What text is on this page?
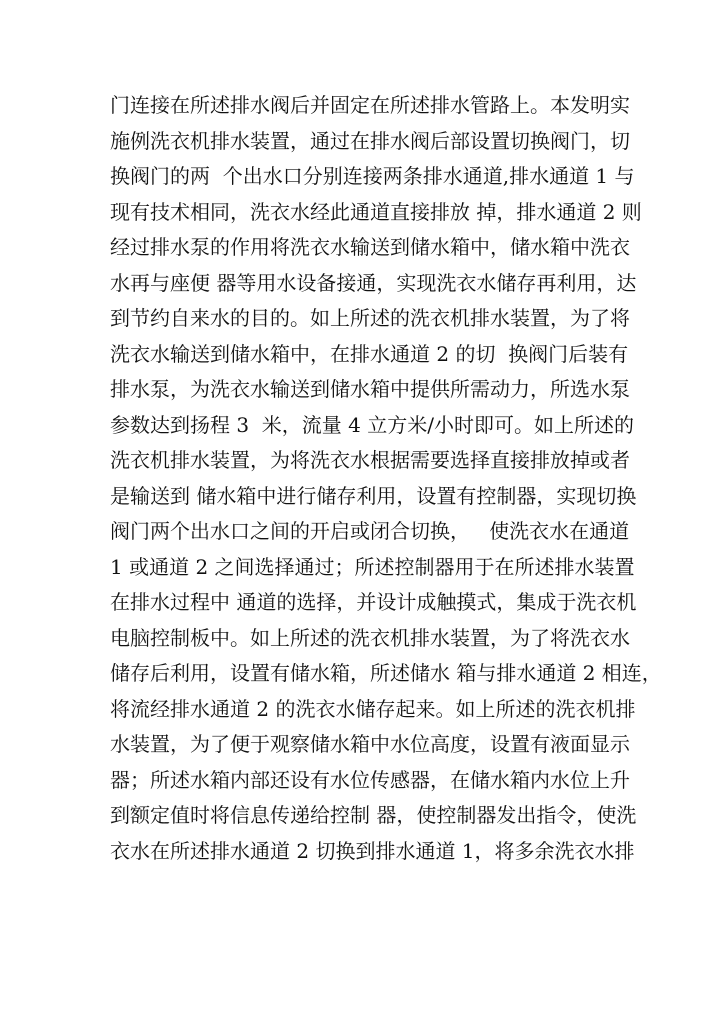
门连接在所述排水阀后并固定在所述排水管路上。本发明实
施例洗衣机排水装置，通过在排水阀后部设置切换阀门，切
换阀门的两  个出水口分别连接两条排水通道,排水通道 1 与
现有技术相同，洗衣水经此通道直接排放 掉，排水通道 2 则
经过排水泵的作用将洗衣水输送到储水箱中，储水箱中洗衣
水再与座便 器等用水设备接通，实现洗衣水储存再利用，达
到节约自来水的目的。如上所述的洗衣机排水装置，为了将
洗衣水输送到储水箱中，在排水通道 2 的切  换阀门后装有
排水泵，为洗衣水输送到储水箱中提供所需动力，所选水泵
参数达到扬程 3  米，流量 4 立方米/小时即可。如上所述的
洗衣机排水装置，为将洗衣水根据需要选择直接排放掉或者
是输送到 储水箱中进行储存利用，设置有控制器，实现切换
阀门两个出水口之间的开启或闭合切换，   使洗衣水在通道
1 或通道 2 之间选择通过；所述控制器用于在所述排水装置
在排水过程中 通道的选择，并设计成触摸式，集成于洗衣机
电脑控制板中。如上所述的洗衣机排水装置，为了将洗衣水
储存后利用，设置有储水箱，所述储水 箱与排水通道 2 相连，
将流经排水通道 2 的洗衣水储存起来。如上所述的洗衣机排
水装置，为了便于观察储水箱中水位高度，设置有液面显示
器；所述水箱内部还设有水位传感器，在储水箱内水位上升
到额定值时将信息传递给控制 器，使控制器发出指令，使洗
衣水在所述排水通道 2 切换到排水通道 1，将多余洗衣水排
